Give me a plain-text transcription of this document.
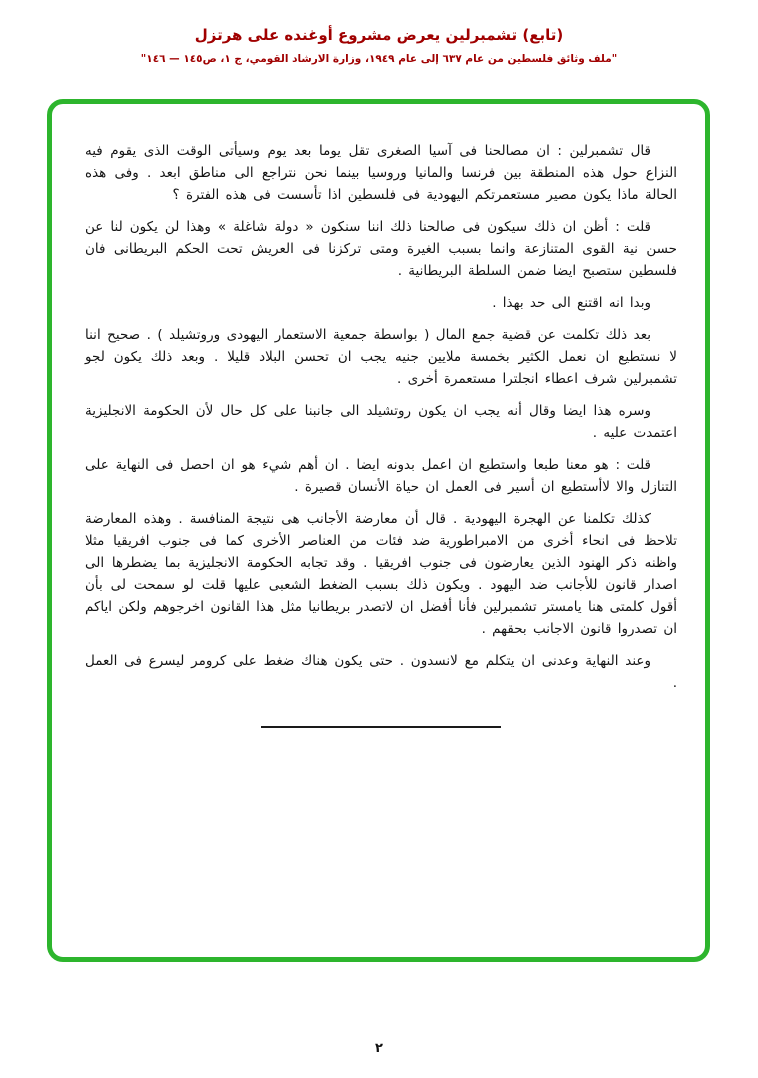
(تابع) تشمبرلين يعرض مشروع أوغنده على هرتزل
"ملف وثائق فلسطين من عام ٦٣٧ إلى عام ١٩٤٩، وزارة الارشاد القومي، ج ١، ص١٤٥ — ١٤٦"

قال تشمبرلين : ان مصالحنا فى آسيا الصغرى تقل يوما بعد يوم وسيأتى الوقت الذى يقوم فيه النزاع حول هذه المنطقة بين فرنسا والمانيا وروسيا بينما نحن نتراجع الى مناطق ابعد . وفى هذه الحالة ماذا يكون مصير مستعمرتكم اليهودية فى فلسطين اذا تأسست فى هذه الفترة ؟

قلت : أظن ان ذلك سيكون فى صالحنا ذلك اننا سنكون « دولة شاغلة » وهذا لن يكون لنا عن حسن نية القوى المتنازعة وانما بسبب الغيرة ومتى تركزنا فى العريش تحت الحكم البريطانى فان فلسطين ستصبح ايضا ضمن السلطة البريطانية .

وبدا انه اقتنع الى حد بهذا .

بعد ذلك تكلمت عن قضية جمع المال ( بواسطة جمعية الاستعمار اليهودى وروتشيلد ) . صحيح اننا لا نستطيع ان نعمل الكثير بخمسة ملايين جنيه يجب ان تحسن البلاد قليلا . وبعد ذلك يكون لجو تشمبرلين شرف اعطاء انجلترا مستعمرة أخرى .

وسره هذا ايضا وقال أنه يجب ان يكون روتشيلد الى جانبنا على كل حال لأن الحكومة الانجليزية اعتمدت عليه .

قلت : هو معنا طبعا واستطيع ان اعمل بدونه ايضا . ان أهم شيء هو ان احصل فى النهاية على التنازل والا لاأستطيع ان أسير فى العمل ان حياة الأنسان قصيرة .

كذلك تكلمنا عن الهجرة اليهودية . قال أن معارضة الأجانب هى نتيجة المنافسة . وهذه المعارضة تلاحظ فى انحاء أخرى من الامبراطورية ضد فئات من العناصر الأخرى كما فى جنوب افريقيا مثلا واظنه ذكر الهنود الذين يعارضون فى جنوب افريقيا . وقد تجابه الحكومة الانجليزية بما يضطرها الى اصدار قانون للأجانب ضد اليهود . ويكون ذلك بسبب الضغط الشعبى عليها قلت لو سمحت لى بأن أقول كلمتى هنا يامستر تشمبرلين فأنا أفضل ان لاتصدر بريطانيا مثل هذا القانون اخرجوهم ولكن اياكم ان تصدروا قانون الاجانب بحقهم .

وعند النهاية وعدنى ان يتكلم مع لانسدون . حتى يكون هناك ضغط على كرومر ليسرع فى العمل .

٢
